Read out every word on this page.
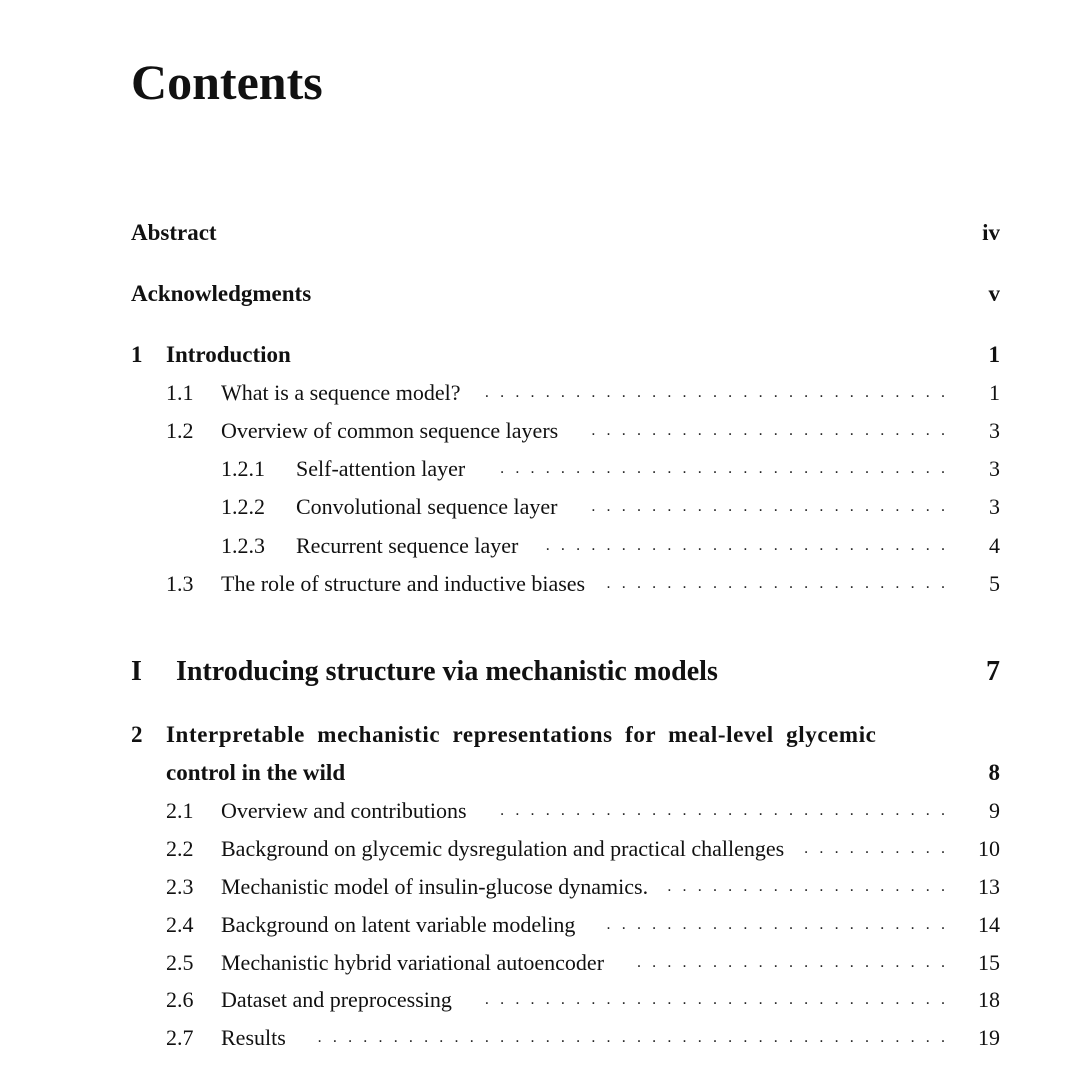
Contents
Abstract	iv
Acknowledgments	v
1 Introduction	1
1.1 What is a sequence model?	.  .  .  .  .  .  .  .  .  .  .  .  .  .  .  .  .  .  .  .  .  .  .  .  .  .  .  .  .  .  . 1
1.2 Overview of common sequence layers	.  .  .  .  .  .  .  .  .  .  .  .  .  .  .  .  .  .  .  .  .  .  .  . 3
1.2.1 Self-attention layer	.  .  .  .  .  .  .  .  .  .  .  .  .  .  .  .  .  .  .  .  .  .  .  .  .  .  .  .  .  . 3
1.2.2 Convolutional sequence layer	.  .  .  .  .  .  .  .  .  .  .  .  .  .  .  .  .  .  .  .  .  .  .  . 3
1.2.3 Recurrent sequence layer	.  .  .  .  .  .  .  .  .  .  .  .  .  .  .  .  .  .  .  .  .  .  .  .  .  .  . 4
1.3 The role of structure and inductive biases	.  .  .  .  .  .  .  .  .  .  .  .  .  .  .  .  .  .  .  .  .  .  . 5
I Introducing structure via mechanistic models	7
2 Interpretable mechanistic representations for meal-level glycemic
control in the wild	8
2.1 Overview and contributions	.  .  .  .  .  .  .  .  .  .  .  .  .  .  .  .  .  .  .  .  .  .  .  .  .  .  .  .  .  . 9
2.2 Background on glycemic dysregulation and practical challenges	.  .  .  .  .  .  .  .  .  . 10
2.3 Mechanistic model of insulin-glucose dynamics.	.  .  .  .  .  .  .  .  .  .  .  .  .  .  .  .  .  .  . 13
2.4 Background on latent variable modeling	.  .  .  .  .  .  .  .  .  .  .  .  .  .  .  .  .  .  .  .  .  .  . 14
2.5 Mechanistic hybrid variational autoencoder	.  .  .  .  .  .  .  .  .  .  .  .  .  .  .  .  .  .  .  .  . 15
2.6 Dataset and preprocessing	.  .  .  .  .  .  .  .  .  .  .  .  .  .  .  .  .  .  .  .  .  .  .  .  .  .  .  .  .  .  . 18
2.7 Results	.  .  .  .  .  .  .  .  .  .  .  .  .  .  .  .  .  .  .  .  .  .  .  .  .  .  .  .  .  .  .  .  .  .  .  .  .  .  .  .  .  . 19
